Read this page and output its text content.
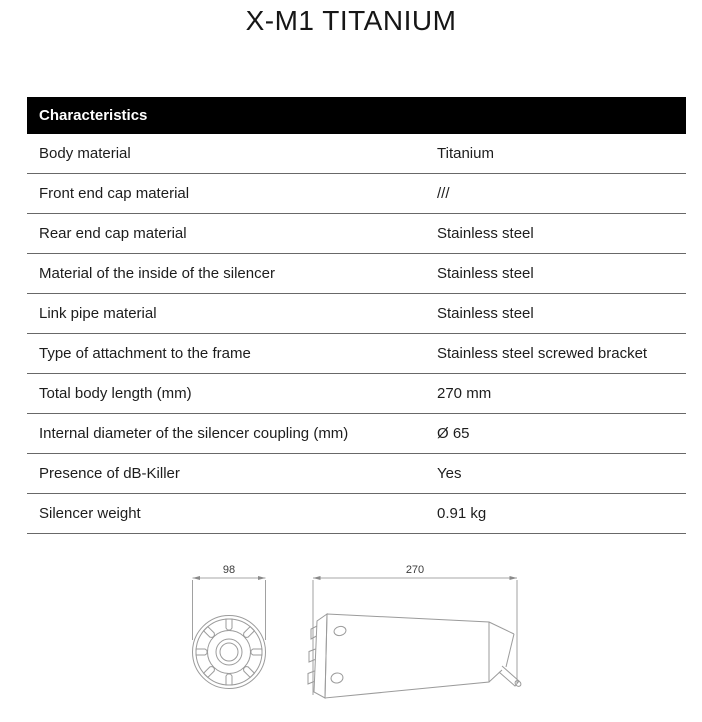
X-M1 TITANIUM
Characteristics
Body material	Titanium
Front end cap material	///
Rear end cap material	Stainless steel
Material of the inside of the silencer	Stainless steel
Link pipe material	Stainless steel
Type of attachment to the frame	Stainless steel screwed bracket
Total body length (mm)	270 mm
Internal diameter of the silencer coupling (mm)	Ø 65
Presence of dB-Killer	Yes
Silencer weight	0.91 kg
98	270
